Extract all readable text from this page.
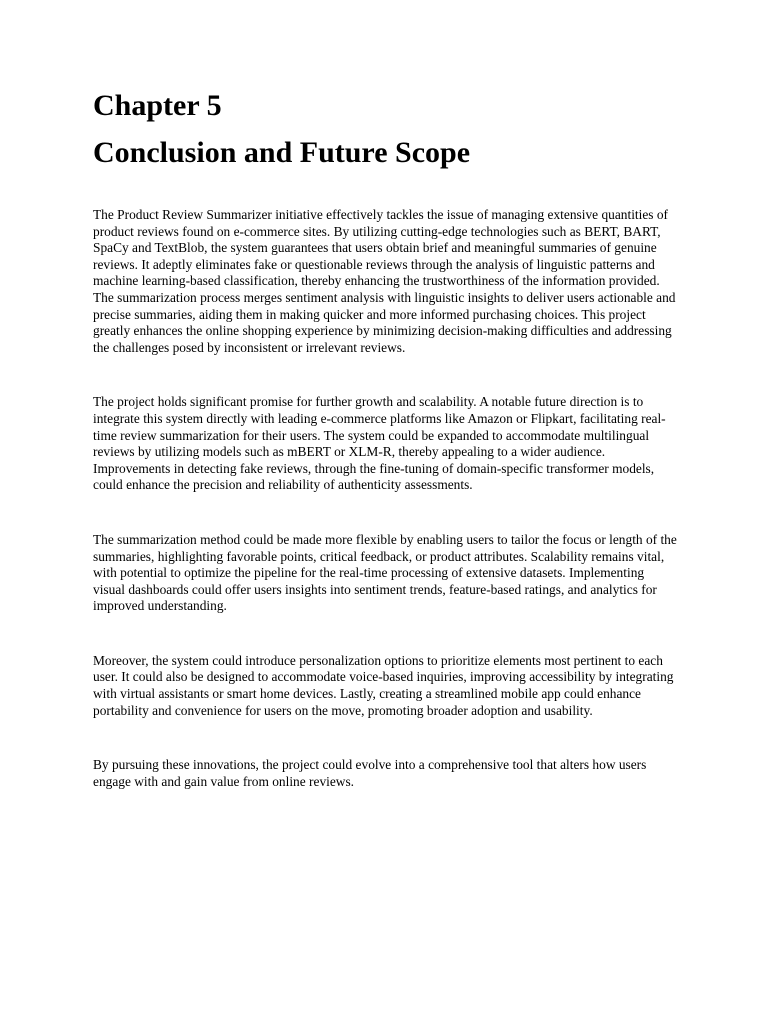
Chapter 5
Conclusion and Future Scope

The Product Review Summarizer initiative effectively tackles the issue of managing extensive quantities of product reviews found on e-commerce sites. By utilizing cutting-edge technologies such as BERT, BART, SpaCy and TextBlob, the system guarantees that users obtain brief and meaningful summaries of genuine reviews. It adeptly eliminates fake or questionable reviews through the analysis of linguistic patterns and machine learning-based classification, thereby enhancing the trustworthiness of the information provided. The summarization process merges sentiment analysis with linguistic insights to deliver users actionable and precise summaries, aiding them in making quicker and more informed purchasing choices. This project greatly enhances the online shopping experience by minimizing decision-making difficulties and addressing the challenges posed by inconsistent or irrelevant reviews.

The project holds significant promise for further growth and scalability. A notable future direction is to integrate this system directly with leading e-commerce platforms like Amazon or Flipkart, facilitating real-time review summarization for their users. The system could be expanded to accommodate multilingual reviews by utilizing models such as mBERT or XLM-R, thereby appealing to a wider audience. Improvements in detecting fake reviews, through the fine-tuning of domain-specific transformer models, could enhance the precision and reliability of authenticity assessments.

The summarization method could be made more flexible by enabling users to tailor the focus or length of the summaries, highlighting favorable points, critical feedback, or product attributes. Scalability remains vital, with potential to optimize the pipeline for the real-time processing of extensive datasets. Implementing visual dashboards could offer users insights into sentiment trends, feature-based ratings, and analytics for improved understanding.

Moreover, the system could introduce personalization options to prioritize elements most pertinent to each user. It could also be designed to accommodate voice-based inquiries, improving accessibility by integrating with virtual assistants or smart home devices. Lastly, creating a streamlined mobile app could enhance portability and convenience for users on the move, promoting broader adoption and usability.

By pursuing these innovations, the project could evolve into a comprehensive tool that alters how users engage with and gain value from online reviews.
